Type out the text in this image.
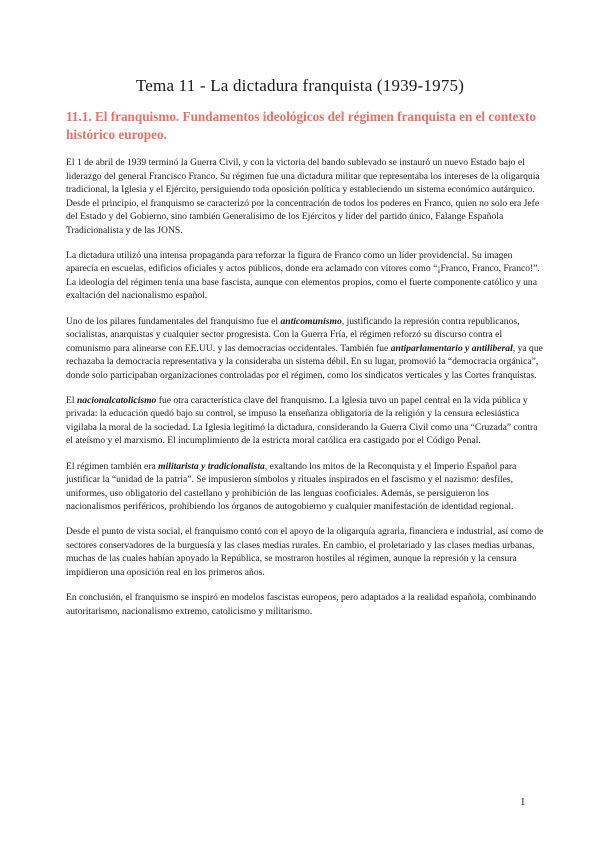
Tema 11 - La dictadura franquista (1939-1975)
11.1. El franquismo. Fundamentos ideológicos del régimen franquista en el contexto histórico europeo.

El 1 de abril de 1939 terminó la Guerra Civil, y con la victoria del bando sublevado se instauró un nuevo Estado bajo el liderazgo del general Francisco Franco. Su régimen fue una dictadura militar que representaba los intereses de la oligarquía tradicional, la Iglesia y el Ejército, persiguiendo toda oposición política y estableciendo un sistema económico autárquico. Desde el principio, el franquismo se caracterizó por la concentración de todos los poderes en Franco, quien no solo era Jefe del Estado y del Gobierno, sino también Generalísimo de los Ejércitos y líder del partido único, Falange Española Tradicionalista y de las JONS.

La dictadura utilizó una intensa propaganda para reforzar la figura de Franco como un líder providencial. Su imagen aparecía en escuelas, edificios oficiales y actos públicos, donde era aclamado con vítores como “¡Franco, Franco, Franco!”. La ideología del régimen tenía una base fascista, aunque con elementos propios, como el fuerte componente católico y una exaltación del nacionalismo español.

Uno de los pilares fundamentales del franquismo fue el anticomunismo, justificando la represión contra republicanos, socialistas, anarquistas y cualquier sector progresista. Con la Guerra Fría, el régimen reforzó su discurso contra el comunismo para alinearse con EE.UU. y las democracias occidentales. También fue antiparlamentario y antiliberal, ya que rechazaba la democracia representativa y la consideraba un sistema débil. En su lugar, promovió la “democracia orgánica”, donde solo participaban organizaciones controladas por el régimen, como los sindicatos verticales y las Cortes franquistas.

El nacionalcatolicismo fue otra característica clave del franquismo. La Iglesia tuvo un papel central en la vida pública y privada: la educación quedó bajo su control, se impuso la enseñanza obligatoria de la religión y la censura eclesiástica vigilaba la moral de la sociedad. La Iglesia legitimó la dictadura, considerando la Guerra Civil como una “Cruzada” contra el ateísmo y el marxismo. El incumplimiento de la estricta moral católica era castigado por el Código Penal.

El régimen también era militarista y tradicionalista, exaltando los mitos de la Reconquista y el Imperio Español para justificar la “unidad de la patria”. Se impusieron símbolos y rituales inspirados en el fascismo y el nazismo: desfiles, uniformes, uso obligatorio del castellano y prohibición de las lenguas cooficiales. Además, se persiguieron los nacionalismos periféricos, prohibiendo los órganos de autogobierno y cualquier manifestación de identidad regional.

Desde el punto de vista social, el franquismo contó con el apoyo de la oligarquía agraria, financiera e industrial, así como de sectores conservadores de la burguesía y las clases medias rurales. En cambio, el proletariado y las clases medias urbanas, muchas de las cuales habían apoyado la República, se mostraron hostiles al régimen, aunque la represión y la censura impidieron una oposición real en los primeros años.

En conclusión, el franquismo se inspiró en modelos fascistas europeos, pero adaptados a la realidad española, combinando autoritarismo, nacionalismo extremo, catolicismo y militarismo.

1
